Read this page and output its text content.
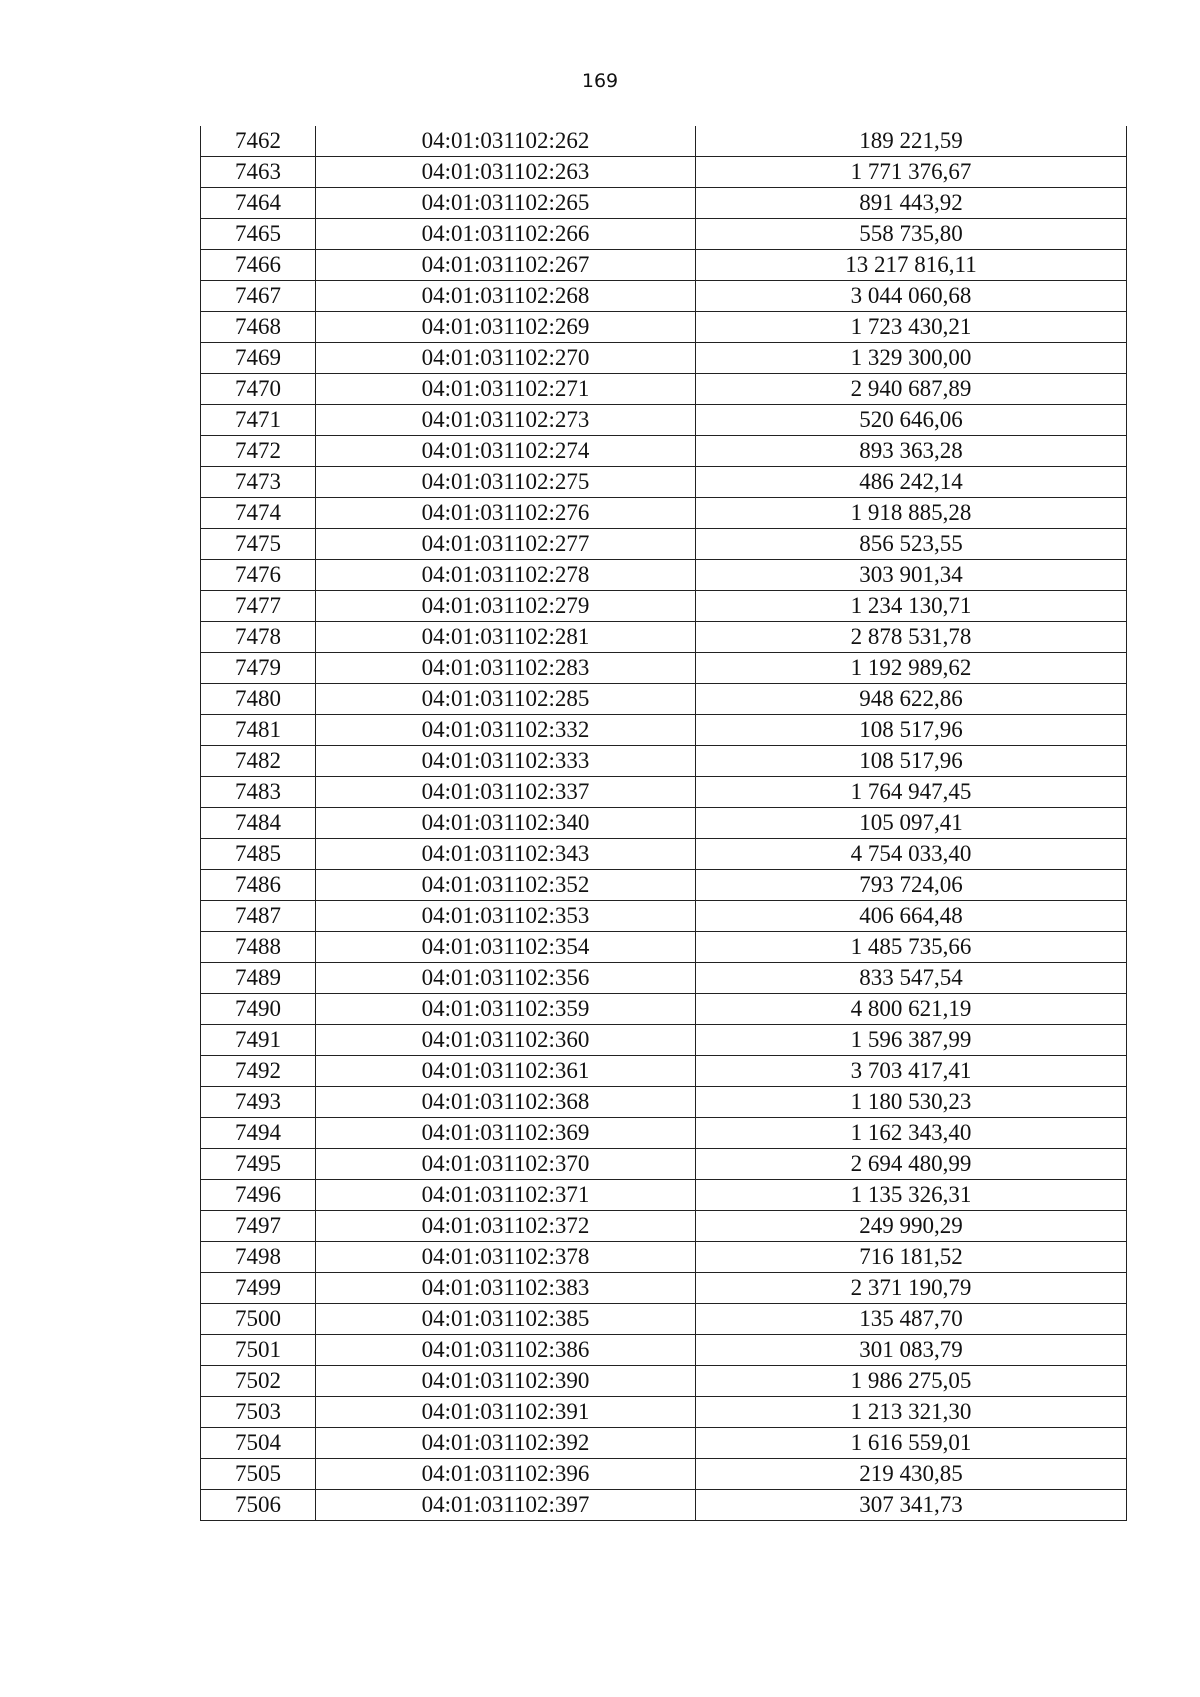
169
7462	04:01:031102:262	189 221,59
7463	04:01:031102:263	1 771 376,67
7464	04:01:031102:265	891 443,92
7465	04:01:031102:266	558 735,80
7466	04:01:031102:267	13 217 816,11
7467	04:01:031102:268	3 044 060,68
7468	04:01:031102:269	1 723 430,21
7469	04:01:031102:270	1 329 300,00
7470	04:01:031102:271	2 940 687,89
7471	04:01:031102:273	520 646,06
7472	04:01:031102:274	893 363,28
7473	04:01:031102:275	486 242,14
7474	04:01:031102:276	1 918 885,28
7475	04:01:031102:277	856 523,55
7476	04:01:031102:278	303 901,34
7477	04:01:031102:279	1 234 130,71
7478	04:01:031102:281	2 878 531,78
7479	04:01:031102:283	1 192 989,62
7480	04:01:031102:285	948 622,86
7481	04:01:031102:332	108 517,96
7482	04:01:031102:333	108 517,96
7483	04:01:031102:337	1 764 947,45
7484	04:01:031102:340	105 097,41
7485	04:01:031102:343	4 754 033,40
7486	04:01:031102:352	793 724,06
7487	04:01:031102:353	406 664,48
7488	04:01:031102:354	1 485 735,66
7489	04:01:031102:356	833 547,54
7490	04:01:031102:359	4 800 621,19
7491	04:01:031102:360	1 596 387,99
7492	04:01:031102:361	3 703 417,41
7493	04:01:031102:368	1 180 530,23
7494	04:01:031102:369	1 162 343,40
7495	04:01:031102:370	2 694 480,99
7496	04:01:031102:371	1 135 326,31
7497	04:01:031102:372	249 990,29
7498	04:01:031102:378	716 181,52
7499	04:01:031102:383	2 371 190,79
7500	04:01:031102:385	135 487,70
7501	04:01:031102:386	301 083,79
7502	04:01:031102:390	1 986 275,05
7503	04:01:031102:391	1 213 321,30
7504	04:01:031102:392	1 616 559,01
7505	04:01:031102:396	219 430,85
7506	04:01:031102:397	307 341,73
